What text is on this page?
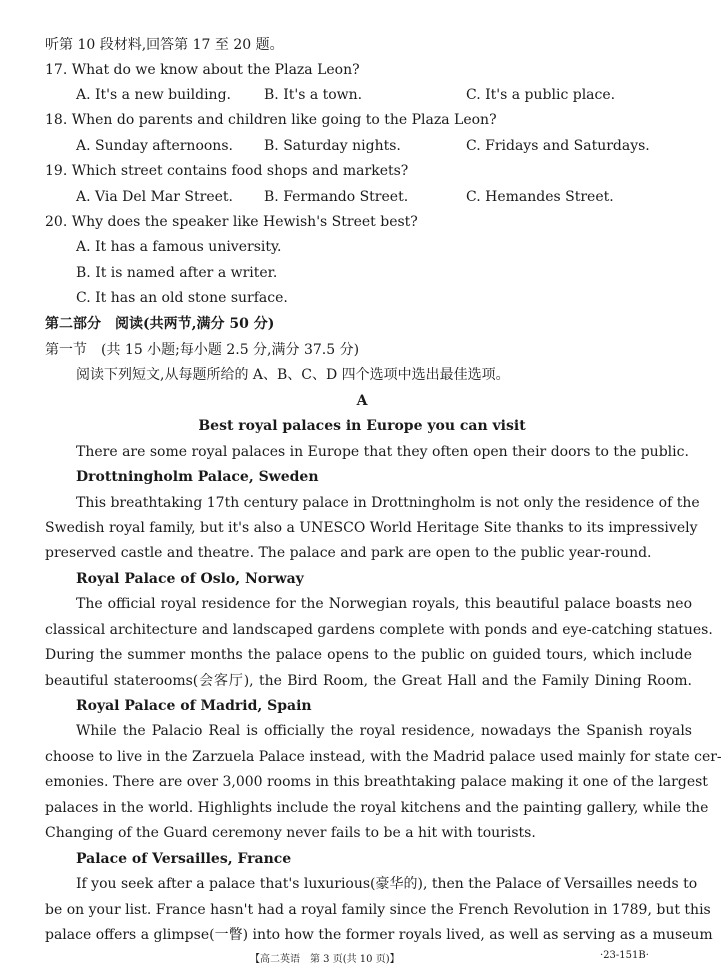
听第 10 段材料,回答第 17 至 20 题。
17. What do we know about the Plaza Leon?
A. It's a new building. B. It's a town.	C. It's a public place.
18. When do parents and children like going to the Plaza Leon?
A. Sunday afternoons. B. Saturday nights.	C. Fridays and Saturdays.
19. Which street contains food shops and markets?
A. Via Del Mar Street. B. Fermando Street.	C. Hemandes Street.
20. Why does the speaker like Hewish's Street best?
A. It has a famous university.
B. It is named after a writer.
C. It has an old stone surface.
第二部分　阅读(共两节,满分 50 分)
第一节　(共 15 小题;每小题 2.5 分,满分 37.5 分)
阅读下列短文,从每题所给的 A、B、C、D 四个选项中选出最佳选项。
A
Best royal palaces in Europe you can visit
There are some royal palaces in Europe that they often open their doors to the public.
Drottningholm Palace, Sweden
This breathtaking 17th century palace in Drottningholm is not only the residence of the
Swedish royal family, but it's also a UNESCO World Heritage Site thanks to its impressively
preserved castle and theatre. The palace and park are open to the public year-round.
Royal Palace of Oslo, Norway
The official royal residence for the Norwegian royals, this beautiful palace boasts neo
classical architecture and landscaped gardens complete with ponds and eye-catching statues.
During the summer months the palace opens to the public on guided tours, which include
beautiful staterooms(会客厅), the Bird Room, the Great Hall and the Family Dining Room.
Royal Palace of Madrid, Spain
While the Palacio Real is officially the royal residence, nowadays the Spanish royals
choose to live in the Zarzuela Palace instead, with the Madrid palace used mainly for state cer-
emonies. There are over 3,000 rooms in this breathtaking palace making it one of the largest
palaces in the world. Highlights include the royal kitchens and the painting gallery, while the
Changing of the Guard ceremony never fails to be a hit with tourists.
Palace of Versailles, France
If you seek after a palace that's luxurious(豪华的), then the Palace of Versailles needs to
be on your list. France hasn't had a royal family since the French Revolution in 1789, but this
palace offers a glimpse(一瞥) into how the former royals lived, as well as serving as a museum
【高二英语　第 3 页(共 10 页)】	·23-151B·
